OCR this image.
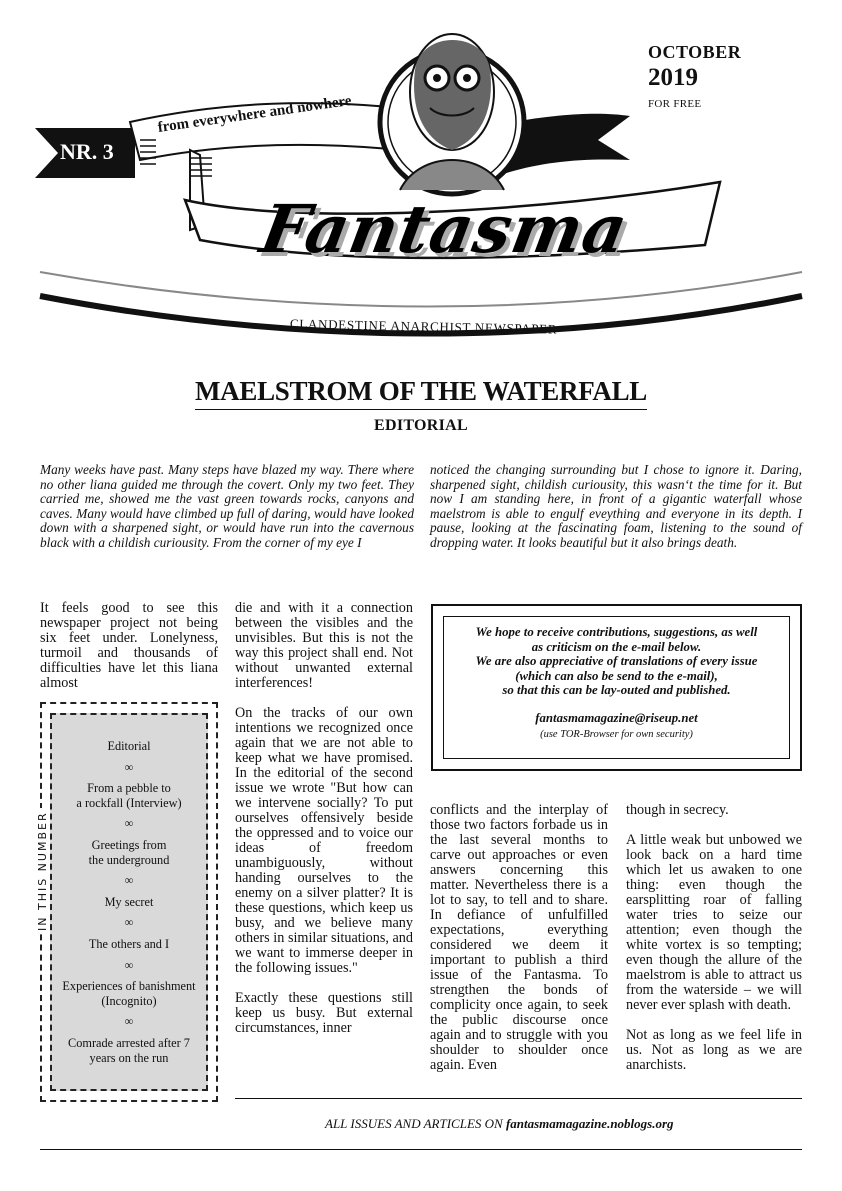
NR. 3
from everywhere and nowhere
Fantasma
CLANDESTINE ANARCHIST NEWSPAPER
OCTOBER
2019
FOR FREE
MAELSTROM OF THE WATERFALL
EDITORIAL
Many weeks have past. Many steps have blazed my way. There where no other liana guided me through the covert. Only my two feet. They carried me, showed me the vast green towards rocks, canyons and caves. Many would have climbed up full of daring, would have looked down with a sharpened sight, or would have run into the cavernous black with a childish curiousity. From the corner of my eye I
noticed the changing surrounding but I chose to ignore it. Daring, sharpened sight, childish curiousity, this wasn‘t the time for it. But now I am standing here, in front of a gigantic waterfall whose maelstrom is able to engulf eveything and everyone in its depth. I pause, looking at the fascinating foam, listening to the sound of dropping water. It looks beautiful but it also brings death.

It feels good to see this newspaper project not being six feet under. Lonelyness, turmoil and thousands of difficulties have let this liana almost

die and with it a connection between the visibles and the unvisibles. But this is not the way this project shall end. Not without unwanted external interferences!

On the tracks of our own intentions we recognized once again that we are not able to keep what we have promised. In the editorial of the second issue we wrote "But how can we intervene socially? To put ourselves offensively beside the oppressed and to voice our ideas of freedom unambiguously, without handing ourselves to the enemy on a silver platter? It is these questions, which keep us busy, and we believe many others in similar situations, and we want to immerse deeper in the following issues."

Exactly these questions still keep us busy. But external circumstances, inner

conflicts and the interplay of those two factors forbade us in the last several months to carve out approaches or even answers concerning this matter. Nevertheless there is a lot to say, to tell and to share. In defiance of unfulfilled expectations, everything considered we deem it important to publish a third issue of the Fantasma. To strengthen the bonds of complicity once again, to seek the public discourse once again and to struggle with you shoulder to shoulder once again. Even

though in secrecy.

A little weak but unbowed we look back on a hard time which let us awaken to one thing: even though the earsplitting roar of falling water tries to seize our attention; even though the white vortex is so tempting; even though the allure of the maelstrom is able to attract us from the waterside – we will never ever splash with death.

Not as long as we feel life in us. Not as long as we are anarchists.

IN THIS NUMBER
Editorial
∞
From a pebble to
a rockfall (Interview)
∞
Greetings from
the underground
∞
My secret
∞
The others and I
∞
Experiences of banishment
(Incognito)
∞
Comrade arrested after 7
years on the run
We hope to receive contributions, suggestions, as well
as criticism on the e-mail below.
We are also appreciative of translations of every issue
(which can also be send to the e-mail),
so that this can be lay-outed and published.
fantasmamagazine@riseup.net
(use TOR-Browser for own security)
ALL ISSUES AND ARTICLES ON fantasmamagazine.noblogs.org
